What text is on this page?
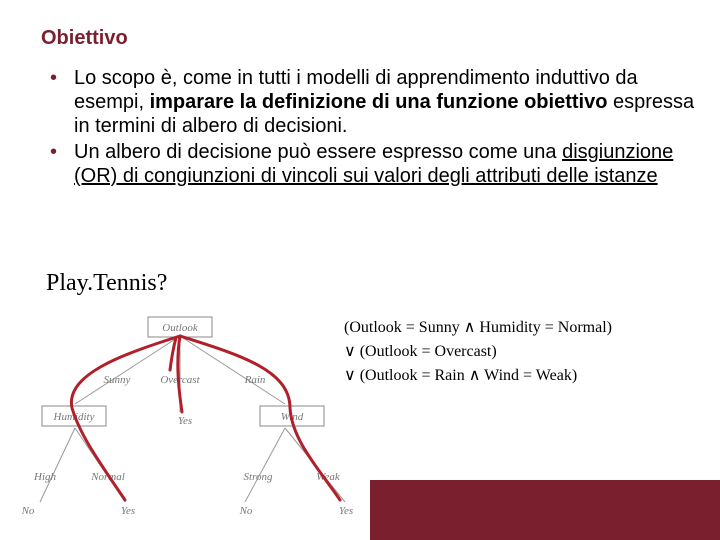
Obiettivo

• Lo scopo è, come in tutti i modelli di apprendimento induttivo da esempi, imparare la definizione di una funzione obiettivo espressa in termini di albero di decisioni.

• Un albero di decisione può essere espresso come una disgiunzione (OR) di congiunzioni di vincoli sui valori degli attributi delle istanze

Play.Tennis?
(Outlook = Sunny ∧ Humidity = Normal)
∨ (Outlook = Overcast)
∨ (Outlook = Rain ∧ Wind = Weak)
Outlook
Humidity	Wind
Sunny	Overcast	Rain
Yes
High	Normal	Strong	Weak
No	Yes	No	Yes
